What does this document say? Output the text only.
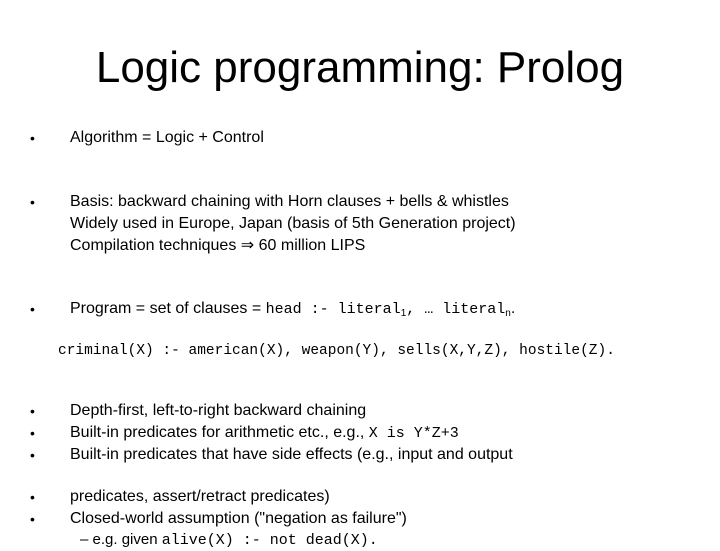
Logic programming: Prolog
• Algorithm = Logic + Control
• Basis: backward chaining with Horn clauses + bells & whistles
Widely used in Europe, Japan (basis of 5th Generation project)
Compilation techniques ⇒ 60 million LIPS
• Program = set of clauses = head :- literal$_1$, … literal$_n$.
criminal(X) :- american(X), weapon(Y), sells(X,Y,Z), hostile(Z).
• Depth-first, left-to-right backward chaining
• Built-in predicates for arithmetic etc., e.g., X is Y*Z+3
• Built-in predicates that have side effects (e.g., input and output
• predicates, assert/retract predicates)
• Closed-world assumption ("negation as failure")
– e.g. given alive(X) :- not dead(X).
